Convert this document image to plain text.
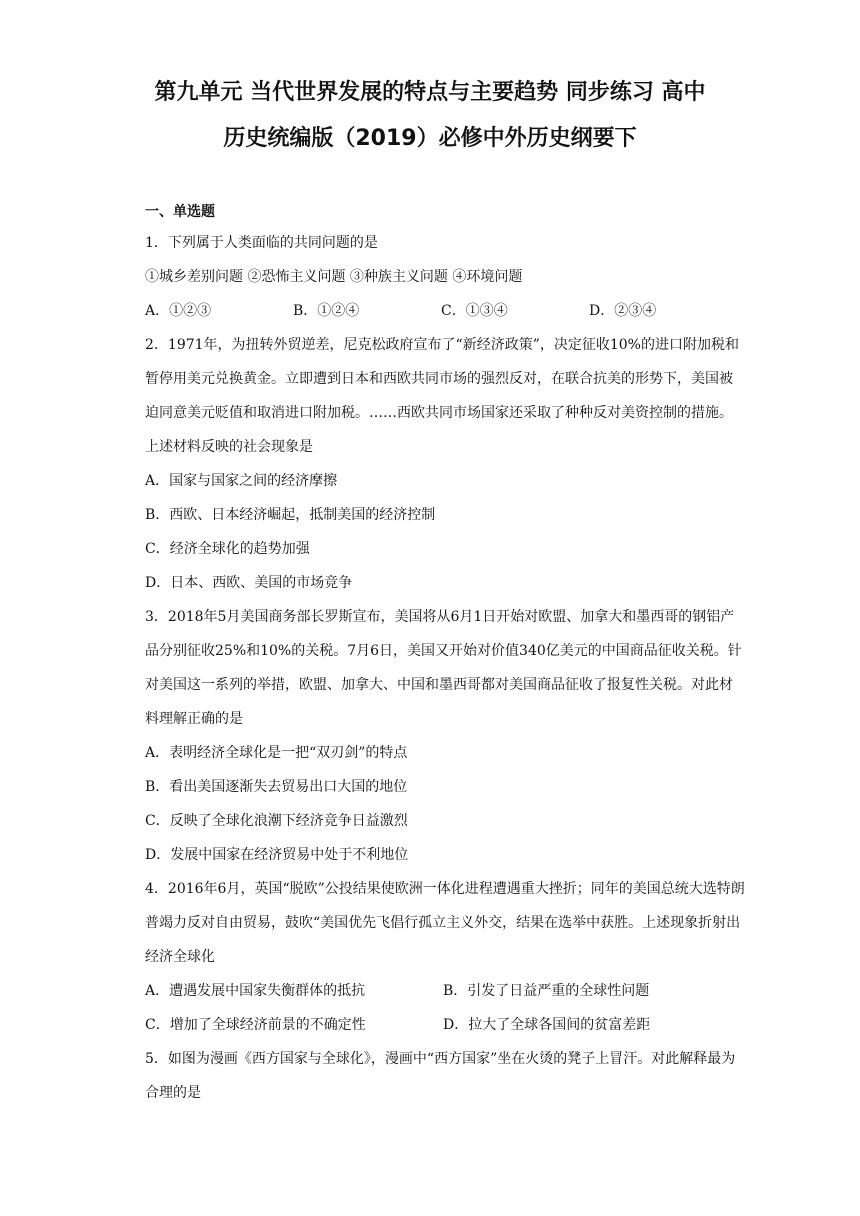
第九单元 当代世界发展的特点与主要趋势 同步练习 高中
历史统编版（2019）必修中外历史纲要下
一、单选题
1．下列属于人类面临的共同问题的是
①城乡差别问题 ②恐怖主义问题 ③种族主义问题 ④环境问题
A．①②③	B．①②④	C．①③④	D．②③④
2．1971年，为扭转外贸逆差，尼克松政府宣布了“新经济政策”，决定征收10%的进口附加税和暂停用美元兑换黄金。立即遭到日本和西欧共同市场的强烈反对，在联合抗美的形势下，美国被迫同意美元贬值和取消进口附加税。……西欧共同市场国家还采取了种种反对美资控制的措施。上述材料反映的社会现象是
A．国家与国家之间的经济摩擦
B．西欧、日本经济崛起，抵制美国的经济控制
C．经济全球化的趋势加强
D．日本、西欧、美国的市场竞争
3．2018年5月美国商务部长罗斯宣布，美国将从6月1日开始对欧盟、加拿大和墨西哥的钢铝产品分别征收25%和10%的关税。7月6日，美国又开始对价值340亿美元的中国商品征收关税。针对美国这一系列的举措，欧盟、加拿大、中国和墨西哥都对美国商品征收了报复性关税。对此材料理解正确的是
A．表明经济全球化是一把“双刃剑”的特点
B．看出美国逐渐失去贸易出口大国的地位
C．反映了全球化浪潮下经济竞争日益激烈
D．发展中国家在经济贸易中处于不利地位
4．2016年6月，英国“脱欧”公投结果使欧洲一体化进程遭遇重大挫折；同年的美国总统大选特朗普竭力反对自由贸易，鼓吹“美国优先飞倡行孤立主义外交，结果在选举中获胜。上述现象折射出经济全球化
A．遭遇发展中国家失衡群体的抵抗	B．引发了日益严重的全球性问题
C．增加了全球经济前景的不确定性	D．拉大了全球各国间的贫富差距
5．如图为漫画《西方国家与全球化》，漫画中“西方国家”坐在火烫的凳子上冒汗。对此解释最为合理的是
